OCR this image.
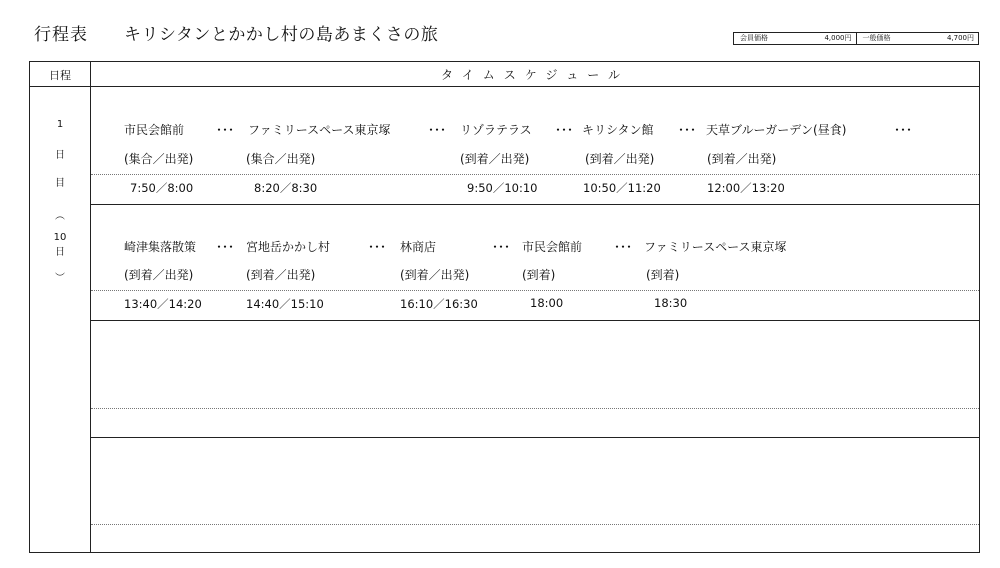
行程表 キリシタンとかかし村の島あまくさの旅	会員価格	4,000円	一般価格	4,700円
日程	タイムスケジュール
1
日
目
︵
10
日
︶
市民会館前	･･･ ファミリースペース東京塚	･･･ リゾラテラス ･･･ キリシタン館 ･･･ 天草ブルーガーデン(昼食)	･･･
(集合／出発)	(集合／出発)	(到着／出発)	(到着／出発)	(到着／出発)
7:50／8:00	8:20／8:30	9:50／10:10	10:50／11:20	12:00／13:20
崎津集落散策 ･･･ 宮地岳かかし村	･･･ 林商店	･･･ 市民会館前	･･･ ファミリースペース東京塚
(到着／出発)	(到着／出発)	(到着／出発)	(到着)	(到着)
13:40／14:20	14:40／15:10	16:10／16:30	18:00	18:30
